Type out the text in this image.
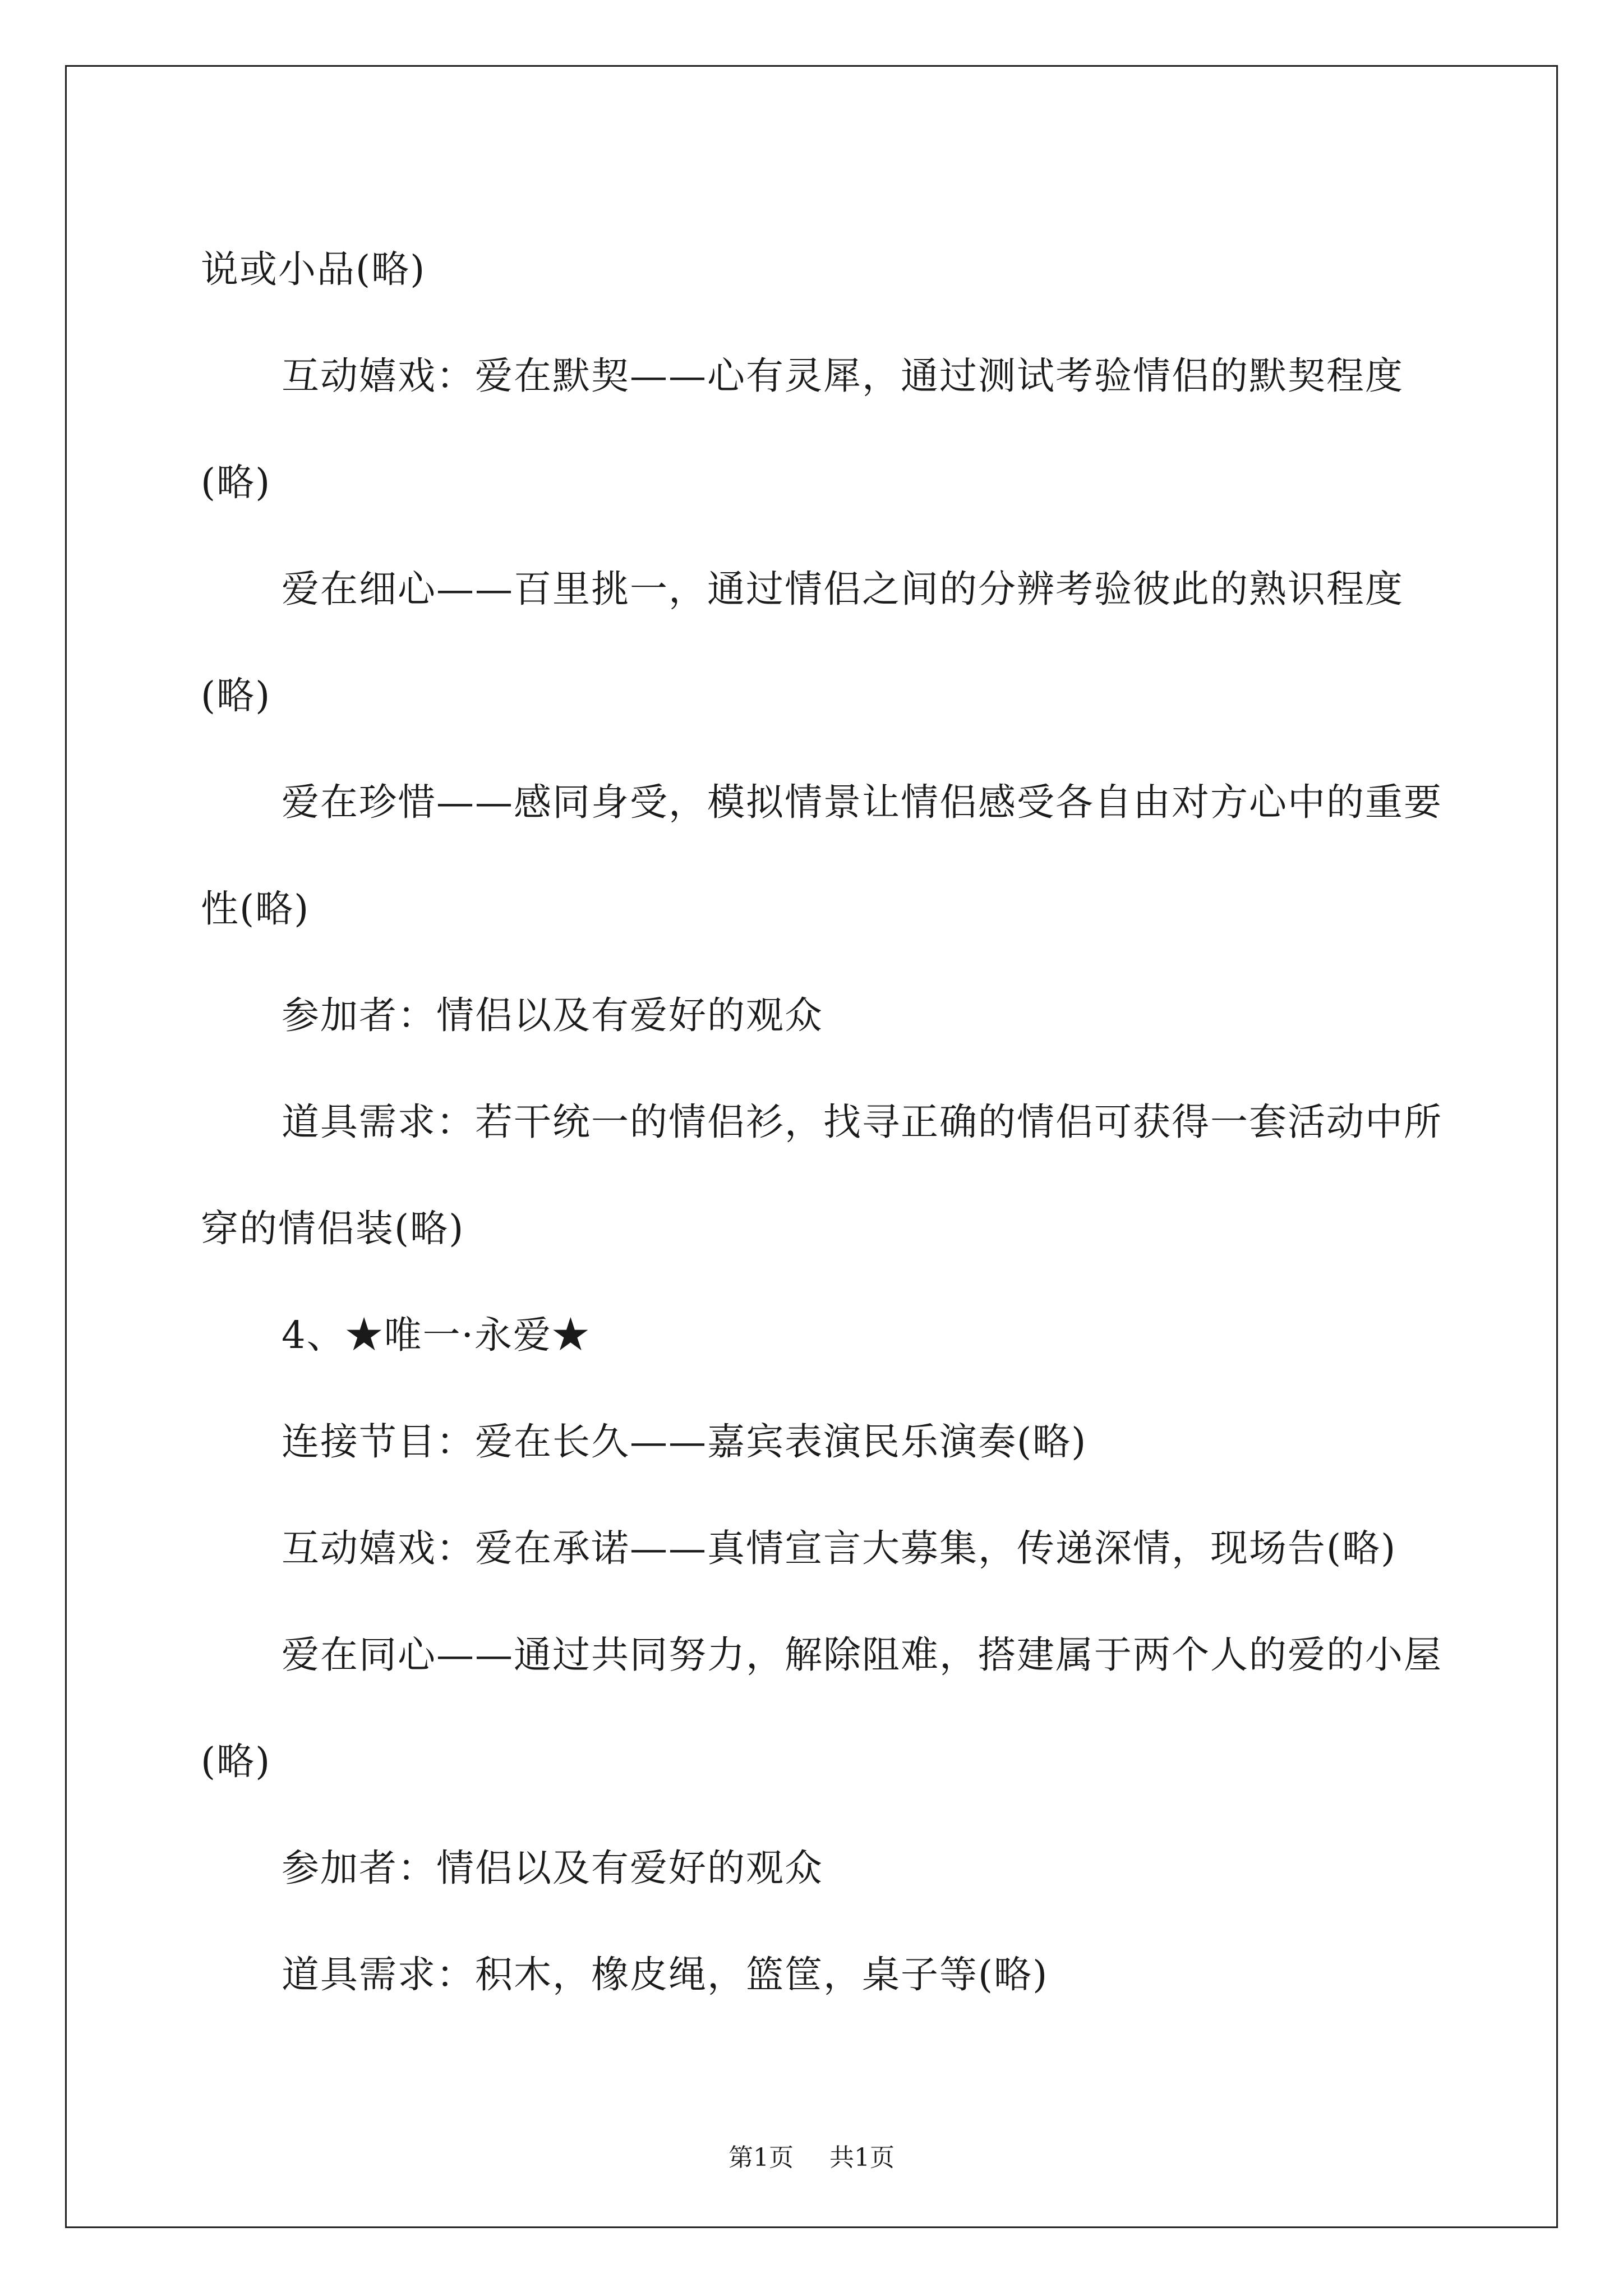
说或小品(略)

互动嬉戏：爱在默契——心有灵犀，通过测试考验情侣的默契程度(略)

爱在细心——百里挑一，通过情侣之间的分辨考验彼此的熟识程度(略)

爱在珍惜——感同身受，模拟情景让情侣感受各自由对方心中的重要性(略)

参加者：情侣以及有爱好的观众

道具需求：若干统一的情侣衫，找寻正确的情侣可获得一套活动中所穿的情侣装(略)

4、★唯一·永爱★

连接节目：爱在长久——嘉宾表演民乐演奏(略)

互动嬉戏：爱在承诺——真情宣言大募集，传递深情，现场告(略)

爱在同心——通过共同努力，解除阻难，搭建属于两个人的爱的小屋(略)

参加者：情侣以及有爱好的观众

道具需求：积木，橡皮绳，篮筐，桌子等(略)

第1页 共1页
